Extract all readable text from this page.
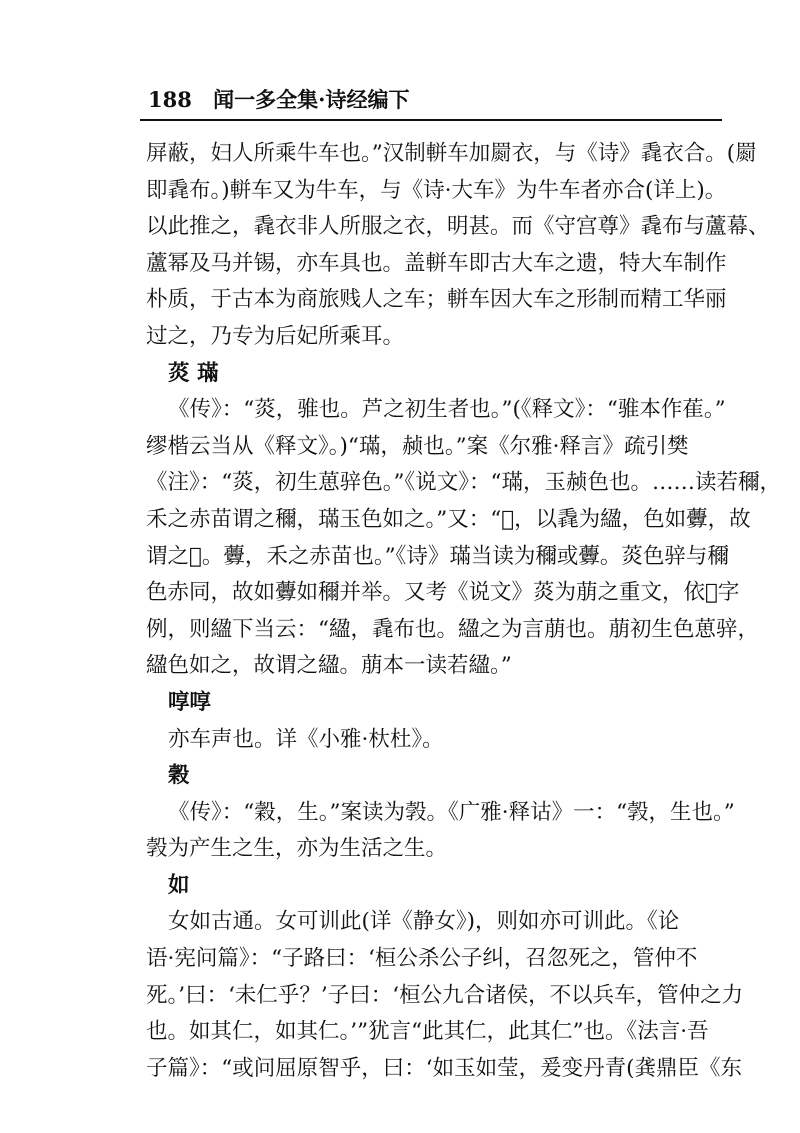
188 闻一多全集·诗经编下
屏蔽，妇人所乘牛车也。”汉制軿车加罽衣，与《诗》毳衣合。(罽
即毳布。)軿车又为牛车，与《诗·大车》为牛车者亦合(详上)。
以此推之，毳衣非人所服之衣，明甚。而《守宫尊》毳布与蘆幕、
蘆幂及马并锡，亦车具也。盖軿车即古大车之遗，特大车制作
朴质，于古本为商旅贱人之车；軿车因大车之形制而精工华丽
过之，乃专为后妃所乘耳。
菼 璊
《传》：“菼，骓也。芦之初生者也。”(《释文》：“骓本作萑。”
缪楷云当从《释文》。)“璊，赪也。”案《尔雅·释言》疏引樊
《注》：“菼，初生葸骍色。”《说文》：“璊，玉赪色也。……读若穪，
禾之赤苗谓之穪，璊玉色如之。”又：“𤨔，以毳为䋼，色如虋，故
谓之𤨔。虋，禾之赤苗也。”《诗》璊当读为穪或虋。菼色骍与穪
色赤同，故如虋如穪并举。又考《说文》菼为萠之重文，依𤨔字
例，则䋼下当云：“䋼，毳布也。䋼之为言萠也。萠初生色葸骍，
䋼色如之，故谓之䋼。萠本一读若䋼。”
啍啍
亦车声也。详《小雅·杕杜》。
穀
《传》：“穀，生。”案读为㝅。《广雅·释诂》一：“㝅，生也。”
㝅为产生之生，亦为生活之生。
如
女如古通。女可训此(详《静女》)，则如亦可训此。《论
语·宪问篇》：“子路曰：‘桓公杀公子纠，召忽死之，管仲不
死。’曰：‘未仁乎？’子曰：‘桓公九合诸侯，不以兵车，管仲之力
也。如其仁，如其仁。’”犹言“此其仁，此其仁”也。《法言·吾
子篇》：“或问屈原智乎，曰：‘如玉如莹，爰变丹青(龚鼎臣《东
